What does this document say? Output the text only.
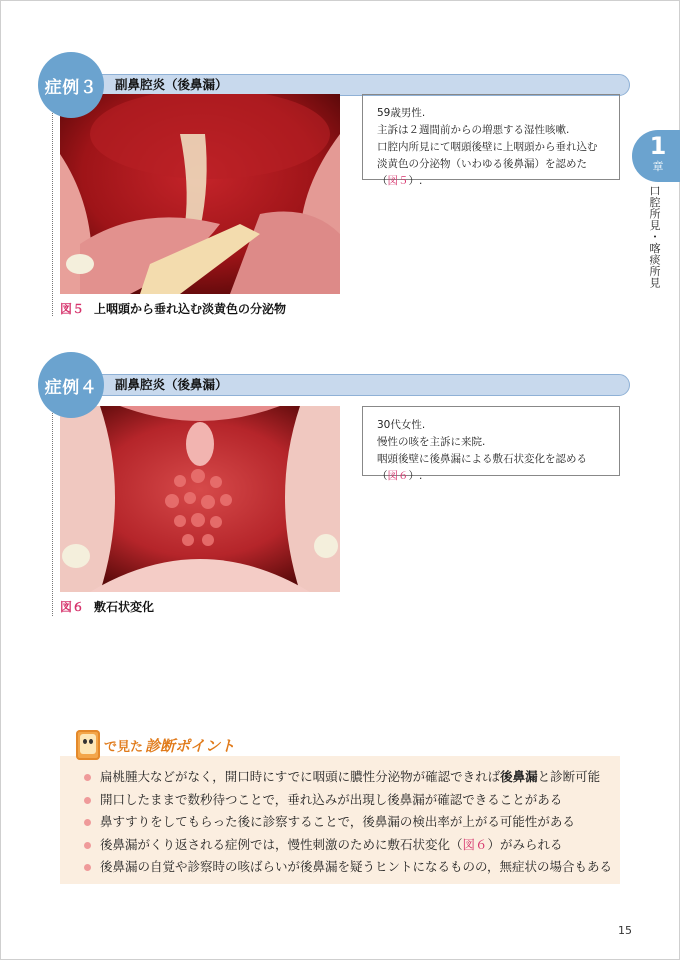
症例３	副鼻腔炎（後鼻漏）
図５ 上咽頭から垂れ込む淡黄色の分泌物
59歳男性.
主訴は２週間前からの増悪する湿性咳嗽.
口腔内所見にて咽頭後壁に上咽頭から垂れ込む淡黄色の分泌物（いわゆる後鼻漏）を認めた（図５）.
1
章
口腔所見・喀痰所見
症例４	副鼻腔炎（後鼻漏）
図６ 敷石状変化
30代女性.
慢性の咳を主訴に来院.
咽頭後壁に後鼻漏による敷石状変化を認める（図６）.
で見た 診断ポイント
扁桃腫大などがなく，開口時にすでに咽頭に膿性分泌物が確認できれば後鼻漏と診断可能
開口したままで数秒待つことで，垂れ込みが出現し後鼻漏が確認できることがある
鼻すすりをしてもらった後に診察することで，後鼻漏の検出率が上がる可能性がある
後鼻漏がくり返される症例では，慢性刺激のために敷石状変化（図６）がみられる
後鼻漏の自覚や診察時の咳ばらいが後鼻漏を疑うヒントになるものの，無症状の場合もある
15
